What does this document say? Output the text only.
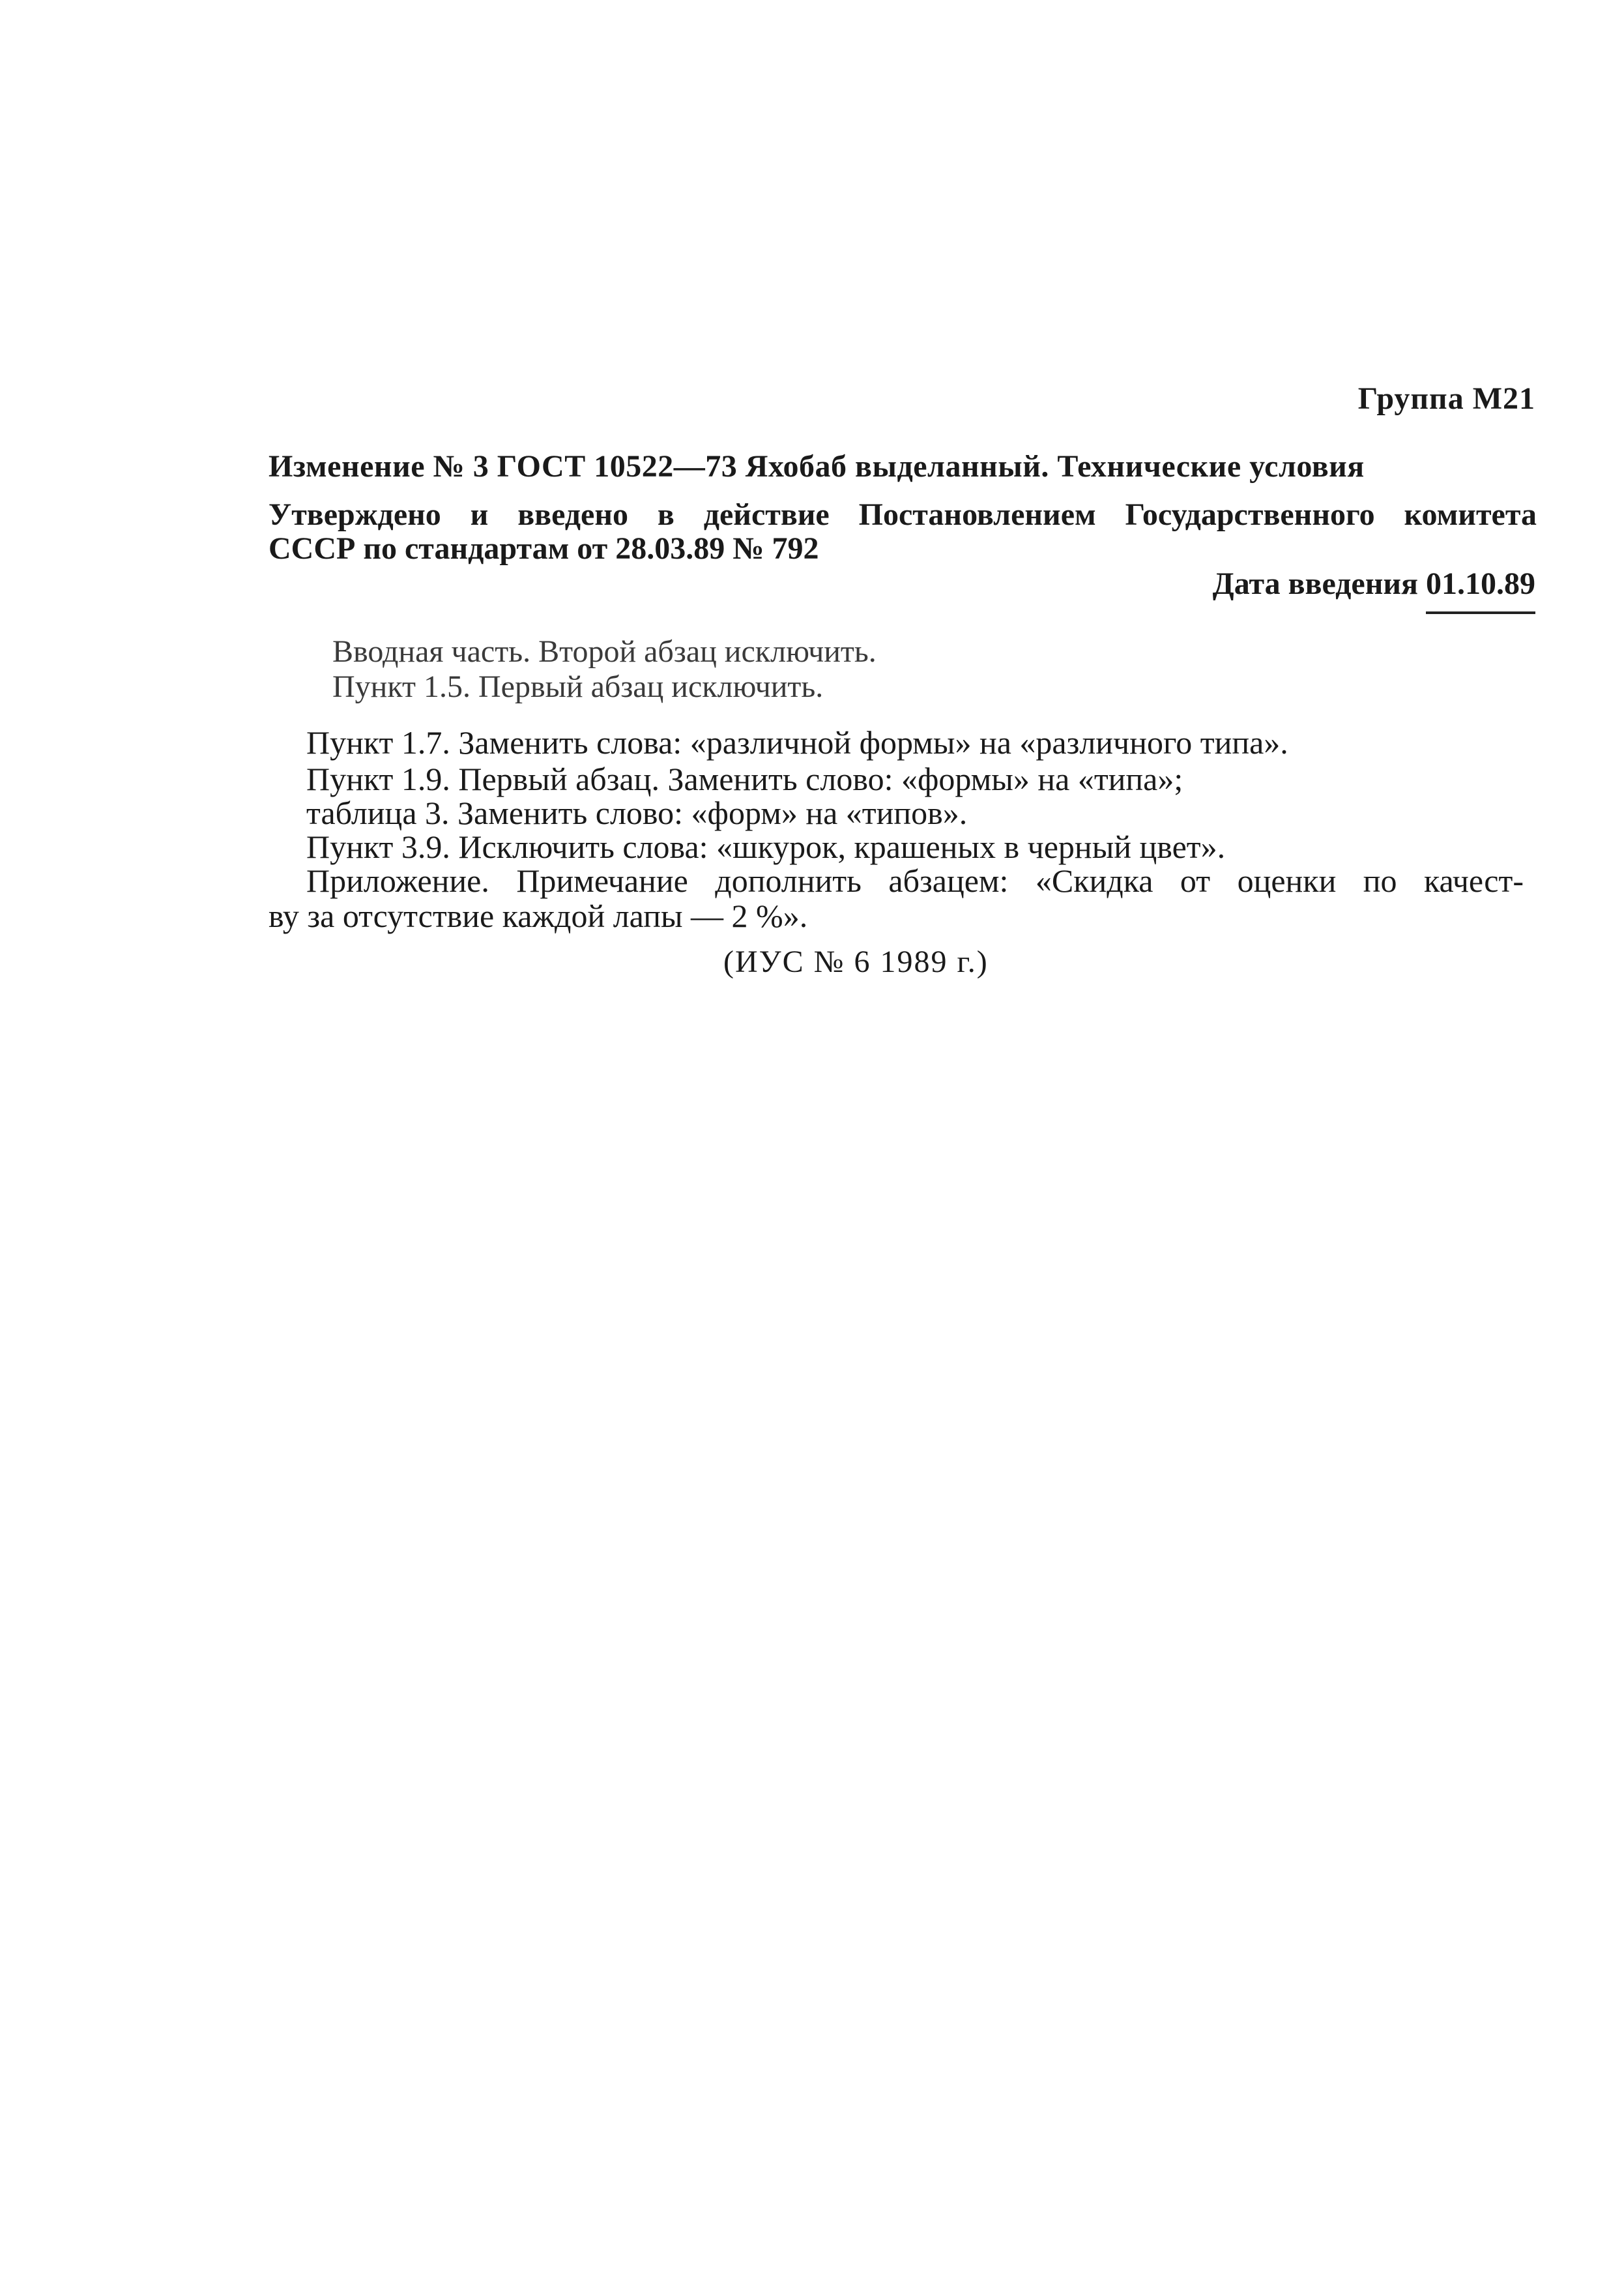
Группа М21
Изменение № 3 ГОСТ 10522—73 Яхобаб выделанный. Технические условия
Утверждено и введено в действие Постановлением Государственного комитета
СССР по стандартам от 28.03.89 № 792
Дата введения 01.10.89
Вводная часть. Второй абзац исключить.
Пункт 1.5. Первый абзац исключить.
Пункт 1.7. Заменить слова: «различной формы» на «различного типа».
Пункт 1.9. Первый абзац. Заменить слово: «формы» на «типа»;
таблица 3. Заменить слово: «форм» на «типов».
Пункт 3.9. Исключить слова: «шкурок, крашеных в черный цвет».
Приложение. Примечание дополнить абзацем: «Скидка от оценки по качест-
ву за отсутствие каждой лапы — 2 %».
(ИУС № 6 1989 г.)
